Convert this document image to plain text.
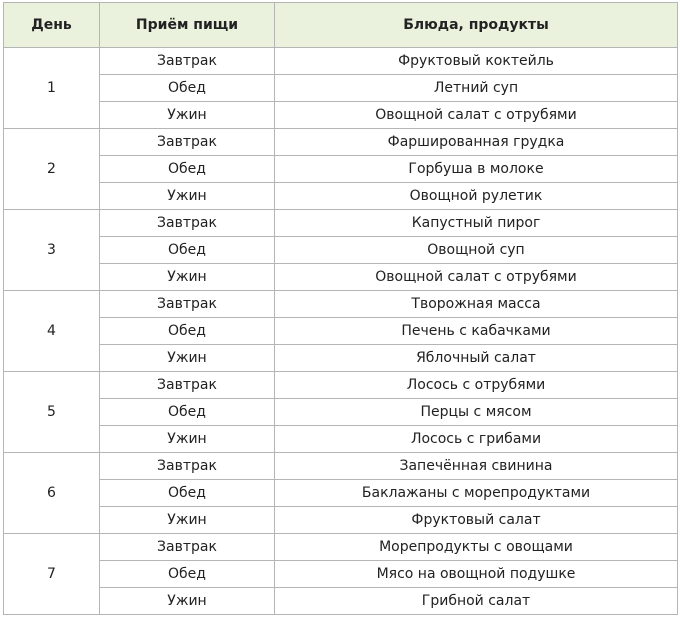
День	Приём пищи	Блюда, продукты
1	Завтрак	Фруктовый коктейль
	Обед	Летний суп
	Ужин	Овощной салат с отрубями
2	Завтрак	Фаршированная грудка
	Обед	Горбуша в молоке
	Ужин	Овощной рулетик
3	Завтрак	Капустный пирог
	Обед	Овощной суп
	Ужин	Овощной салат с отрубями
4	Завтрак	Творожная масса
	Обед	Печень с кабачками
	Ужин	Яблочный салат
5	Завтрак	Лосось с отрубями
	Обед	Перцы с мясом
	Ужин	Лосось с грибами
6	Завтрак	Запечённая свинина
	Обед	Баклажаны с морепродуктами
	Ужин	Фруктовый салат
7	Завтрак	Морепродукты с овощами
	Обед	Мясо на овощной подушке
	Ужин	Грибной салат
